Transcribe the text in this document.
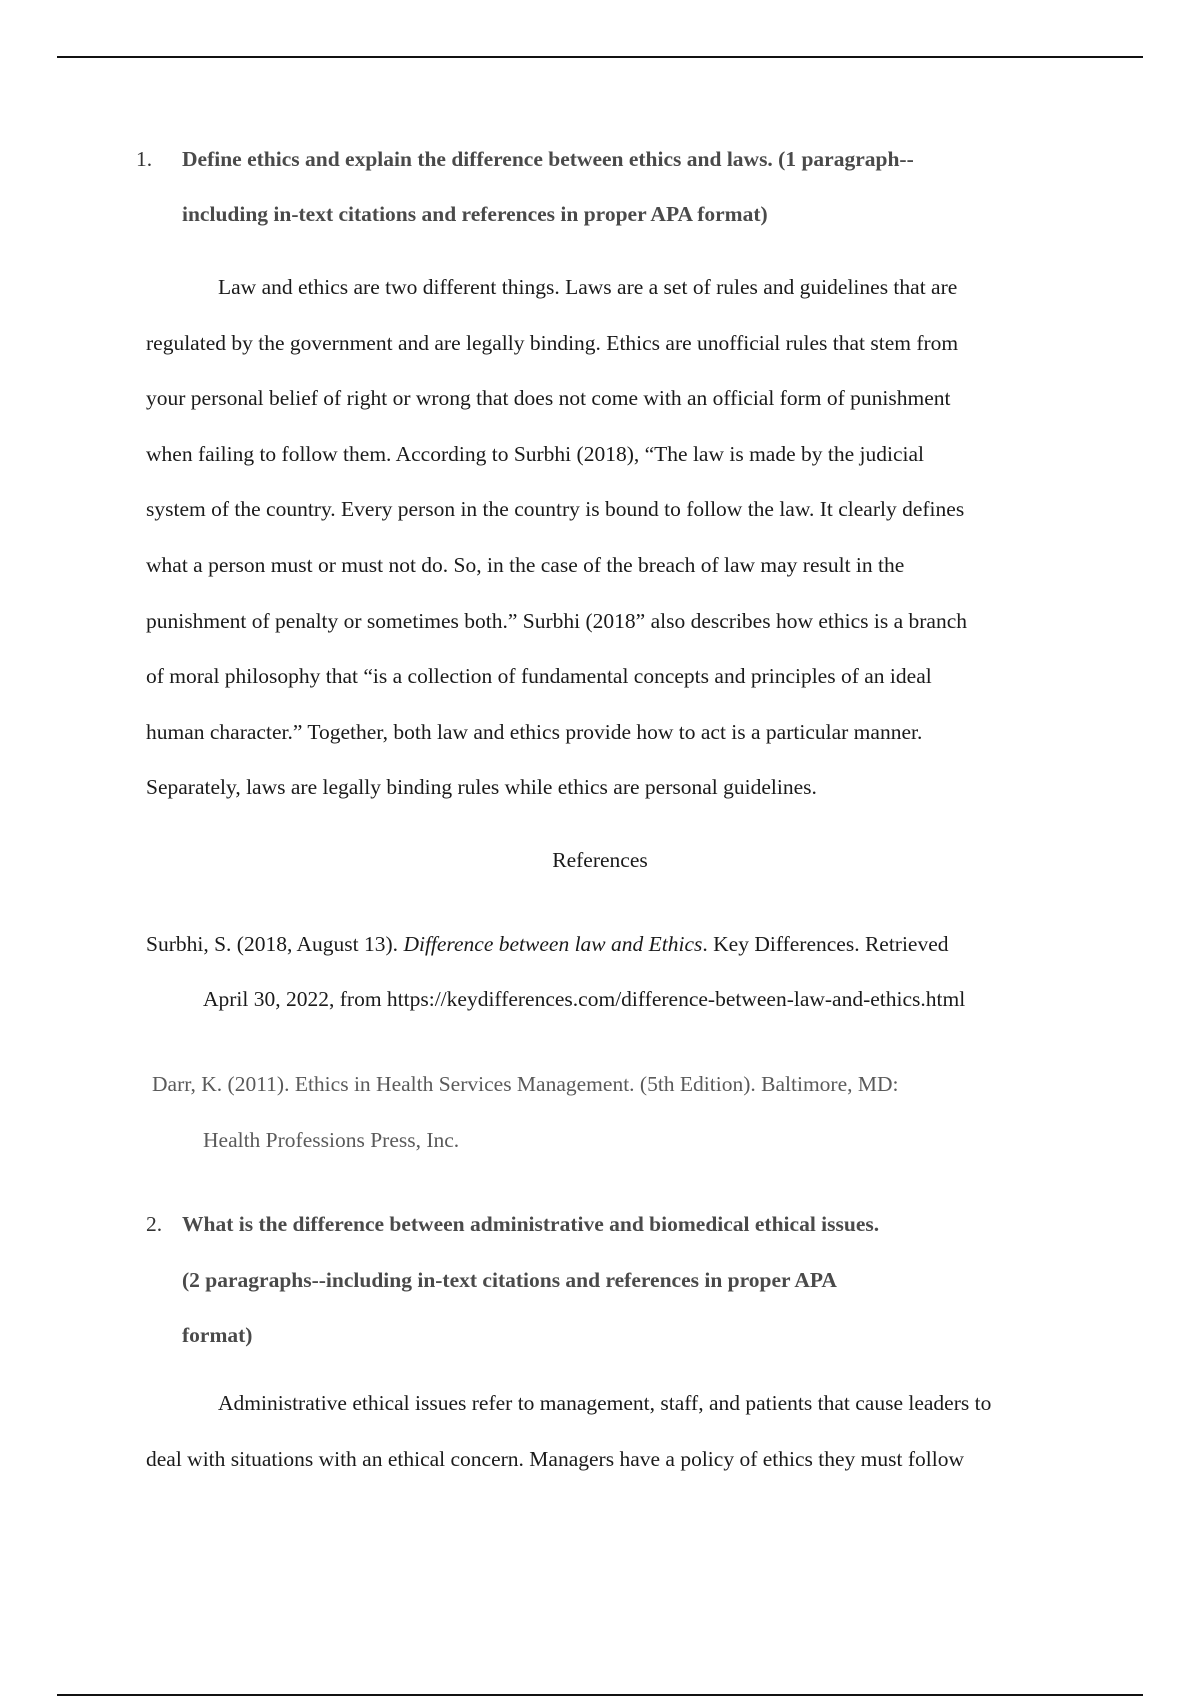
1. Define ethics and explain the difference between ethics and laws. (1 paragraph--
including in-text citations and references in proper APA format)
Law and ethics are two different things. Laws are a set of rules and guidelines that are
regulated by the government and are legally binding. Ethics are unofficial rules that stem from
your personal belief of right or wrong that does not come with an official form of punishment
when failing to follow them. According to Surbhi (2018), “The law is made by the judicial
system of the country. Every person in the country is bound to follow the law. It clearly defines
what a person must or must not do. So, in the case of the breach of law may result in the
punishment of penalty or sometimes both.” Surbhi (2018” also describes how ethics is a branch
of moral philosophy that “is a collection of fundamental concepts and principles of an ideal
human character.” Together, both law and ethics provide how to act is a particular manner.
Separately, laws are legally binding rules while ethics are personal guidelines.
References
Surbhi, S. (2018, August 13). Difference between law and Ethics. Key Differences. Retrieved
April 30, 2022, from https://keydifferences.com/difference-between-law-and-ethics.html
Darr, K. (2011). Ethics in Health Services Management. (5th Edition). Baltimore, MD:
Health Professions Press, Inc.
2. What is the difference between administrative and biomedical ethical issues.
(2 paragraphs--including in-text citations and references in proper APA
format)
Administrative ethical issues refer to management, staff, and patients that cause leaders to
deal with situations with an ethical concern. Managers have a policy of ethics they must follow
